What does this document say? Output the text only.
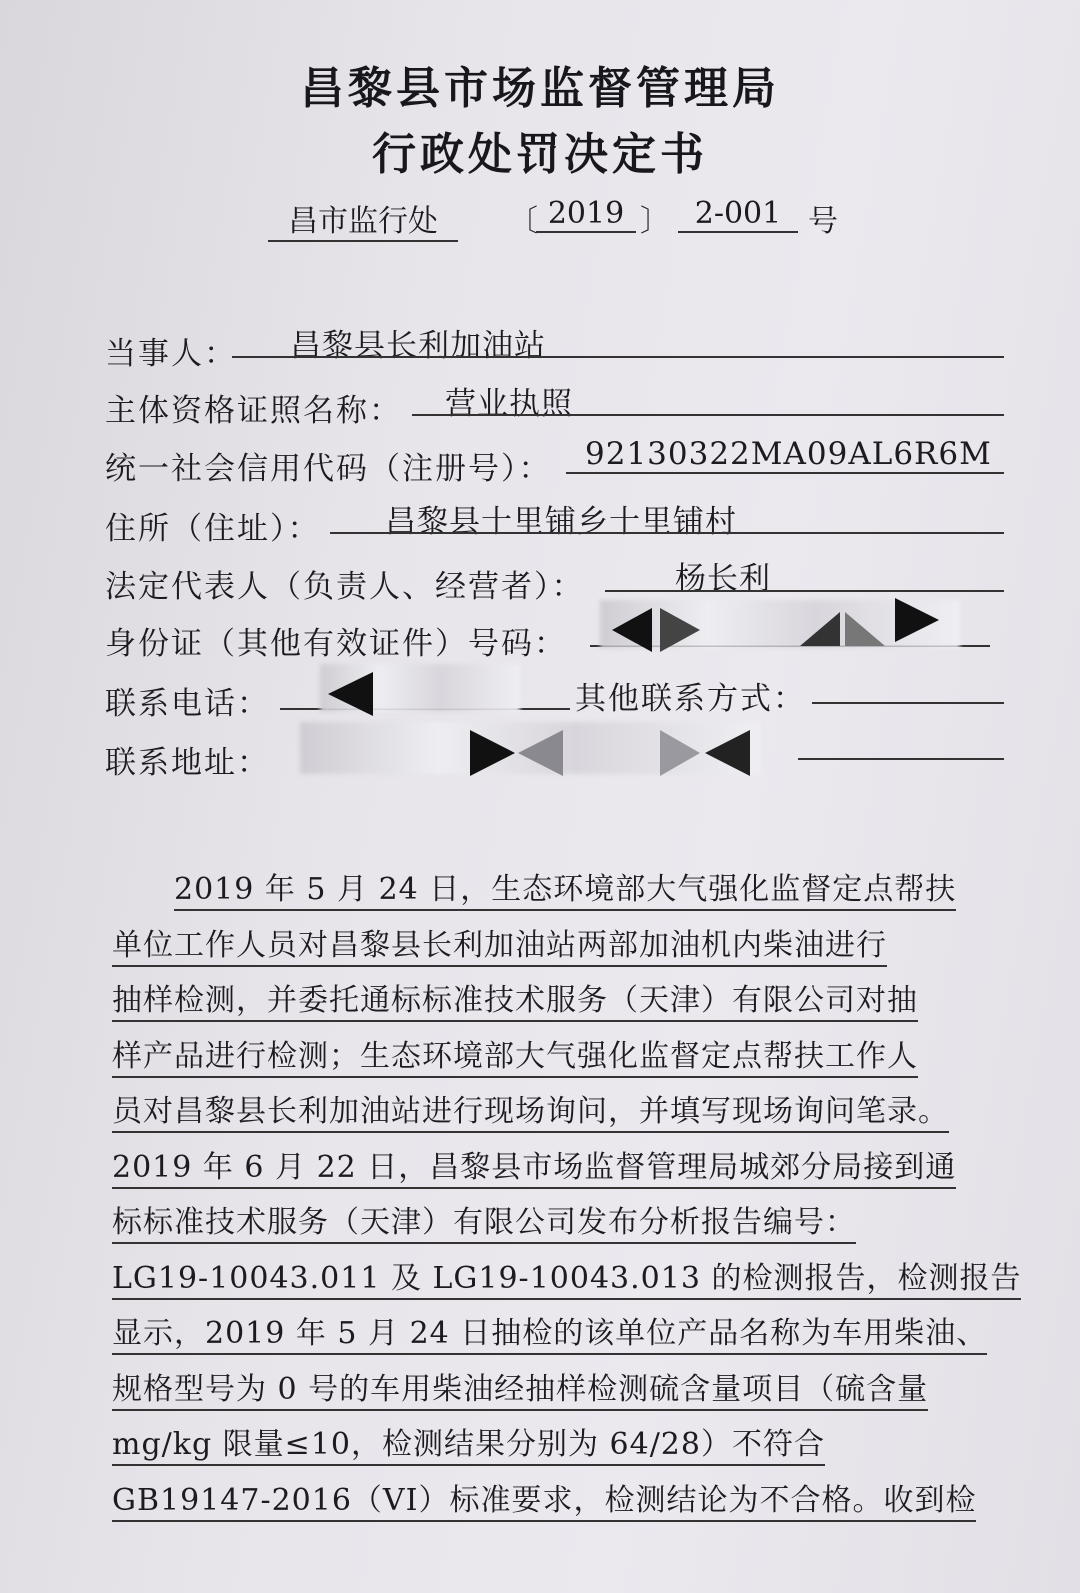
昌黎县市场监督管理局
行政处罚决定书
昌市监行处	〔 2019 〕 2-001 号
当事人： 昌黎县长利加油站
主体资格证照名称： 营业执照
统一社会信用代码（注册号）： 92130322MA09AL6R6M
住所（住址）： 昌黎县十里铺乡十里铺村
法定代表人（负责人、经营者）：	杨长利
身份证（其他有效证件）号码：
联系电话：	其他联系方式：
联系地址：

2019 年 5 月 24 日，生态环境部大气强化监督定点帮扶

单位工作人员对昌黎县长利加油站两部加油机内柴油进行

抽样检测，并委托通标标准技术服务（天津）有限公司对抽

样产品进行检测；生态环境部大气强化监督定点帮扶工作人

员对昌黎县长利加油站进行现场询问，并填写现场询问笔录。

2019 年 6 月 22 日，昌黎县市场监督管理局城郊分局接到通

标标准技术服务（天津）有限公司发布分析报告编号：

LG19-10043.011 及 LG19-10043.013 的检测报告，检测报告

显示，2019 年 5 月 24 日抽检的该单位产品名称为车用柴油、

规格型号为 0 号的车用柴油经抽样检测硫含量项目（硫含量

mg/kg 限量≤10，检测结果分别为 64/28）不符合

GB19147-2016（VI）标准要求，检测结论为不合格。收到检
